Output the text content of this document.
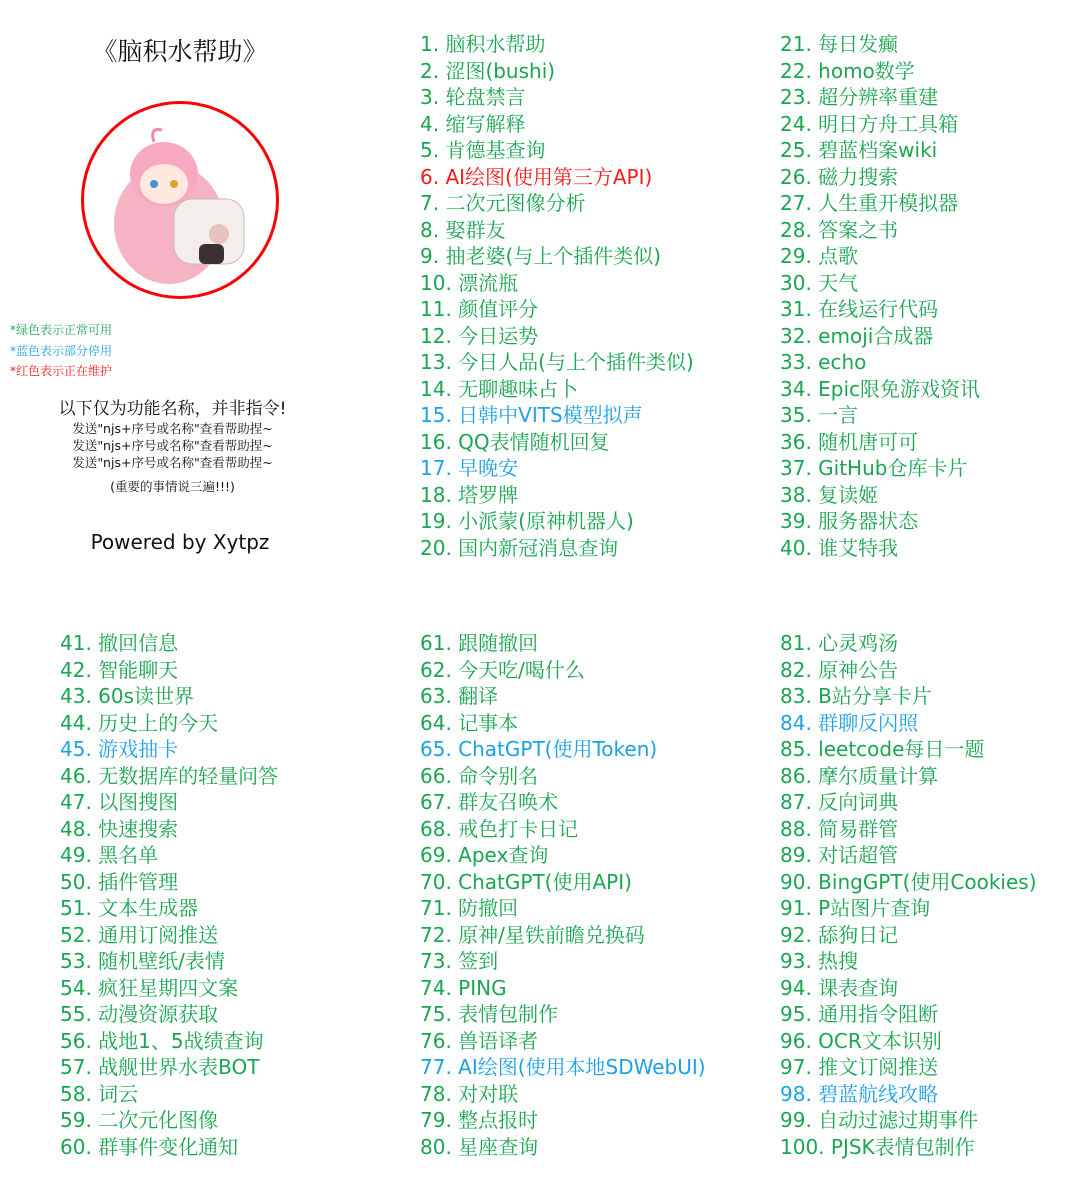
《脑积水帮助》
*绿色表示正常可用
*蓝色表示部分停用
*红色表示正在维护
以下仅为功能名称，并非指令!
发送"njs+序号或名称"查看帮助捏~
发送"njs+序号或名称"查看帮助捏~
发送"njs+序号或名称"查看帮助捏~
(重要的事情说三遍!!!)
Powered by Xytpz
1. 脑积水帮助
2. 涩图(bushi)
3. 轮盘禁言
4. 缩写解释
5. 肯德基查询
6. AI绘图(使用第三方API)
7. 二次元图像分析
8. 娶群友
9. 抽老婆(与上个插件类似)
10. 漂流瓶
11. 颜值评分
12. 今日运势
13. 今日人品(与上个插件类似)
14. 无聊趣味占卜
15. 日韩中VITS模型拟声
16. QQ表情随机回复
17. 早晚安
18. 塔罗牌
19. 小派蒙(原神机器人)
20. 国内新冠消息查询
21. 每日发癫
22. homo数学
23. 超分辨率重建
24. 明日方舟工具箱
25. 碧蓝档案wiki
26. 磁力搜索
27. 人生重开模拟器
28. 答案之书
29. 点歌
30. 天气
31. 在线运行代码
32. emoji合成器
33. echo
34. Epic限免游戏资讯
35. 一言
36. 随机唐可可
37. GitHub仓库卡片
38. 复读姬
39. 服务器状态
40. 谁艾特我
41. 撤回信息
42. 智能聊天
43. 60s读世界
44. 历史上的今天
45. 游戏抽卡
46. 无数据库的轻量问答
47. 以图搜图
48. 快速搜索
49. 黑名单
50. 插件管理
51. 文本生成器
52. 通用订阅推送
53. 随机壁纸/表情
54. 疯狂星期四文案
55. 动漫资源获取
56. 战地1、5战绩查询
57. 战舰世界水表BOT
58. 词云
59. 二次元化图像
60. 群事件变化通知
61. 跟随撤回
62. 今天吃/喝什么
63. 翻译
64. 记事本
65. ChatGPT(使用Token)
66. 命令别名
67. 群友召唤术
68. 戒色打卡日记
69. Apex查询
70. ChatGPT(使用API)
71. 防撤回
72. 原神/星铁前瞻兑换码
73. 签到
74. PING
75. 表情包制作
76. 兽语译者
77. AI绘图(使用本地SDWebUI)
78. 对对联
79. 整点报时
80. 星座查询
81. 心灵鸡汤
82. 原神公告
83. B站分享卡片
84. 群聊反闪照
85. leetcode每日一题
86. 摩尔质量计算
87. 反向词典
88. 简易群管
89. 对话超管
90. BingGPT(使用Cookies)
91. P站图片查询
92. 舔狗日记
93. 热搜
94. 课表查询
95. 通用指令阻断
96. OCR文本识别
97. 推文订阅推送
98. 碧蓝航线攻略
99. 自动过滤过期事件
100. PJSK表情包制作
